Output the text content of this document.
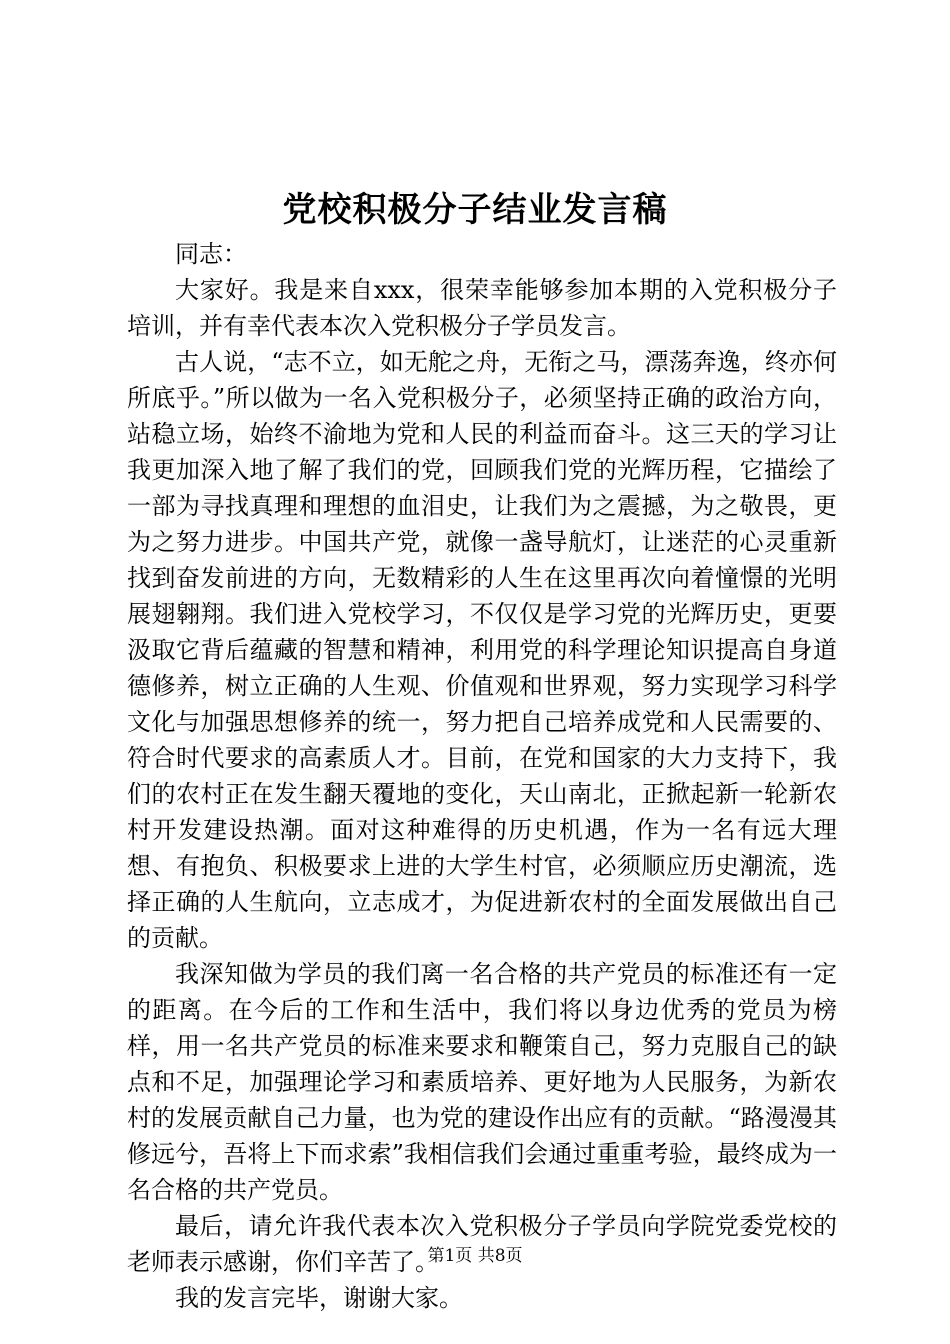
党校积极分子结业发言稿

同志：

大家好。我是来自xxx，很荣幸能够参加本期的入党积极分子培训，并有幸代表本次入党积极分子学员发言。

古人说，“志不立，如无舵之舟，无衔之马，漂荡奔逸，终亦何所底乎。”所以做为一名入党积极分子，必须坚持正确的政治方向，站稳立场，始终不渝地为党和人民的利益而奋斗。这三天的学习让我更加深入地了解了我们的党，回顾我们党的光辉历程，它描绘了一部为寻找真理和理想的血泪史，让我们为之震撼，为之敬畏，更为之努力进步。中国共产党，就像一盏导航灯，让迷茫的心灵重新找到奋发前进的方向，无数精彩的人生在这里再次向着憧憬的光明展翅翱翔。我们进入党校学习，不仅仅是学习党的光辉历史，更要汲取它背后蕴藏的智慧和精神，利用党的科学理论知识提高自身道德修养，树立正确的人生观、价值观和世界观，努力实现学习科学文化与加强思想修养的统一，努力把自己培养成党和人民需要的、符合时代要求的高素质人才。目前，在党和国家的大力支持下，我们的农村正在发生翻天覆地的变化，天山南北，正掀起新一轮新农村开发建设热潮。面对这种难得的历史机遇，作为一名有远大理想、有抱负、积极要求上进的大学生村官，必须顺应历史潮流，选择正确的人生航向，立志成才，为促进新农村的全面发展做出自己的贡献。

我深知做为学员的我们离一名合格的共产党员的标准还有一定的距离。在今后的工作和生活中，我们将以身边优秀的党员为榜样，用一名共产党员的标准来要求和鞭策自己，努力克服自己的缺点和不足，加强理论学习和素质培养、更好地为人民服务，为新农村的发展贡献自己力量，也为党的建设作出应有的贡献。“路漫漫其修远兮，吾将上下而求索”我相信我们会通过重重考验，最终成为一名合格的共产党员。

最后，请允许我代表本次入党积极分子学员向学院党委党校的老师表示感谢，你们辛苦了。

我的发言完毕，谢谢大家。

第1页 共8页
